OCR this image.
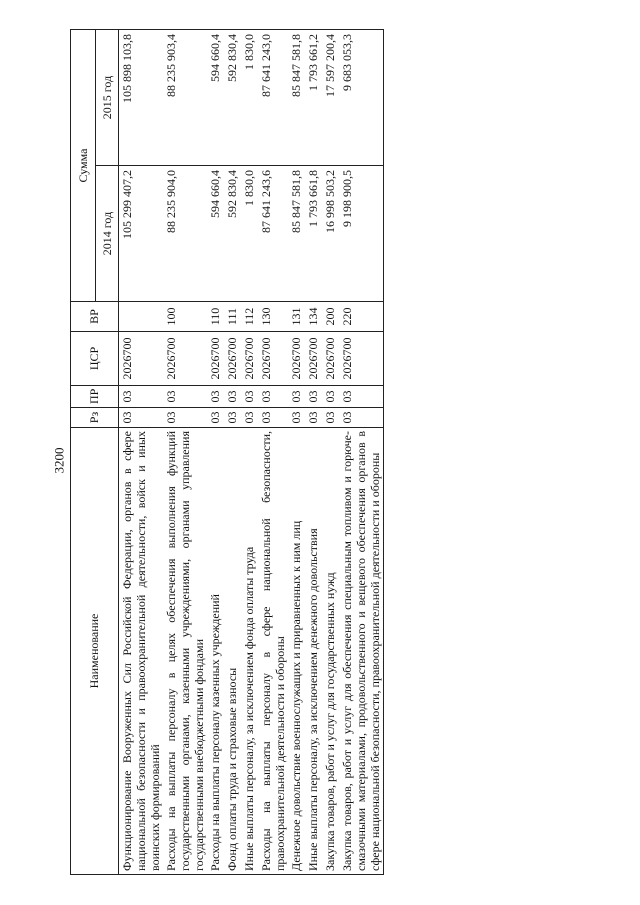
3200
Наименование	Рз	ПР	ЦСР	ВР	Сумма	
					2014 год	2015 год
Функционирование Вооруженных Сил Российской Федерации, органов в сфере национальной безопасности и правоохранительной деятельности, войск и иных воинских формирований	03	03	2026700		105 299 407,2	105 898 103,8
Расходы на выплаты персоналу в целях обеспечения выполнения функций государственными органами, казенными учреждениями, органами управления государственными внебюджетными фондами	03	03	2026700	100	88 235 904,0	88 235 903,4
Расходы на выплаты персоналу казенных учреждений	03	03	2026700	110	594 660,4	594 660,4
Фонд оплаты труда и страховые взносы	03	03	2026700	111	592 830,4	592 830,4
Иные выплаты персоналу, за исключением фонда оплаты труда	03	03	2026700	112	1 830,0	1 830,0
Расходы на выплаты персоналу в сфере национальной безопасности, правоохранительной деятельности и обороны	03	03	2026700	130	87 641 243,6	87 641 243,0
Денежное довольствие военнослужащих и приравненных к ним лиц	03	03	2026700	131	85 847 581,8	85 847 581,8
Иные выплаты персоналу, за исключением денежного довольствия	03	03	2026700	134	1 793 661,8	1 793 661,2
Закупка товаров, работ и услуг для государственных нужд	03	03	2026700	200	16 998 503,2	17 597 200,4
Закупка товаров, работ и услуг для обеспечения специальным топливом и горюче-смазочными материалами, продовольственного и вещевого обеспечения органов в сфере национальной безопасности, правоохранительной деятельности и обороны	03	03	2026700	220	9 198 900,5	9 683 053,3
